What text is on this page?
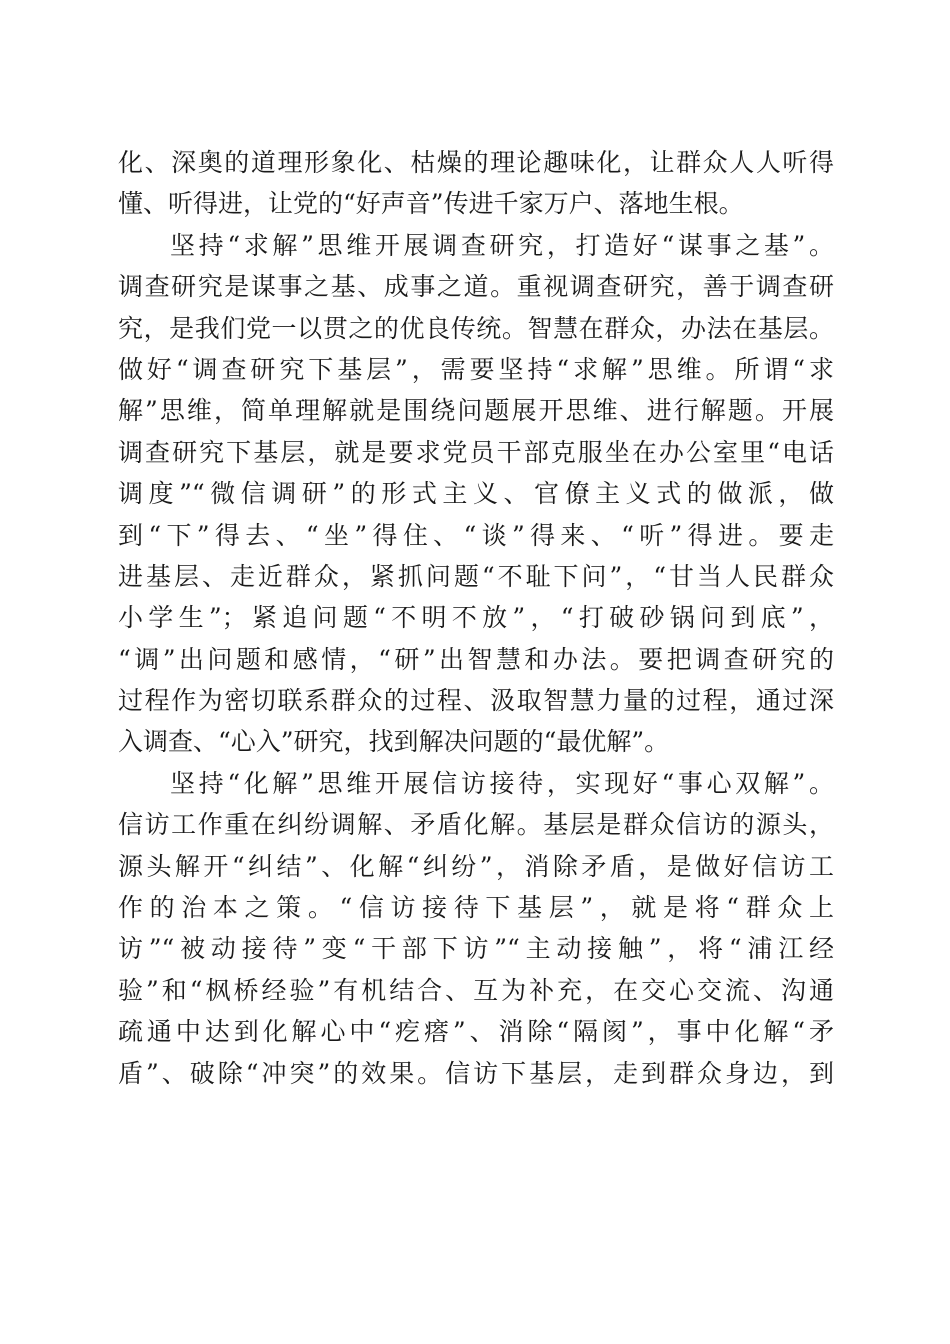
化、深奥的道理形象化、枯燥的理论趣味化，让群众人人听得
懂、听得进，让党的“好声音”传进千家万户、落地生根。
坚持“求解”思维开展调查研究，打造好“谋事之基”。
调查研究是谋事之基、成事之道。重视调查研究，善于调查研
究，是我们党一以贯之的优良传统。智慧在群众，办法在基层。
做好“调查研究下基层”，需要坚持“求解”思维。所谓“求
解”思维，简单理解就是围绕问题展开思维、进行解题。开展
调查研究下基层，就是要求党员干部克服坐在办公室里“电话
调度”“微信调研”的形式主义、官僚主义式的做派，做
到“下”得去、“坐”得住、“谈”得来、“听”得进。要走
进基层、走近群众，紧抓问题“不耻下问”，“甘当人民群众
小学生”；紧追问题“不明不放”，“打破砂锅问到底”，
“调”出问题和感情，“研”出智慧和办法。要把调查研究的
过程作为密切联系群众的过程、汲取智慧力量的过程，通过深
入调查、“心入”研究，找到解决问题的“最优解”。
坚持“化解”思维开展信访接待，实现好“事心双解”。
信访工作重在纠纷调解、矛盾化解。基层是群众信访的源头，
源头解开“纠结”、化解“纠纷”，消除矛盾，是做好信访工
作的治本之策。“信访接待下基层”，就是将“群众上
访”“被动接待”变“干部下访”“主动接触”，将“浦江经
验”和“枫桥经验”有机结合、互为补充，在交心交流、沟通
疏通中达到化解心中“疙瘩”、消除“隔阂”，事中化解“矛
盾”、破除“冲突”的效果。信访下基层，走到群众身边，到
